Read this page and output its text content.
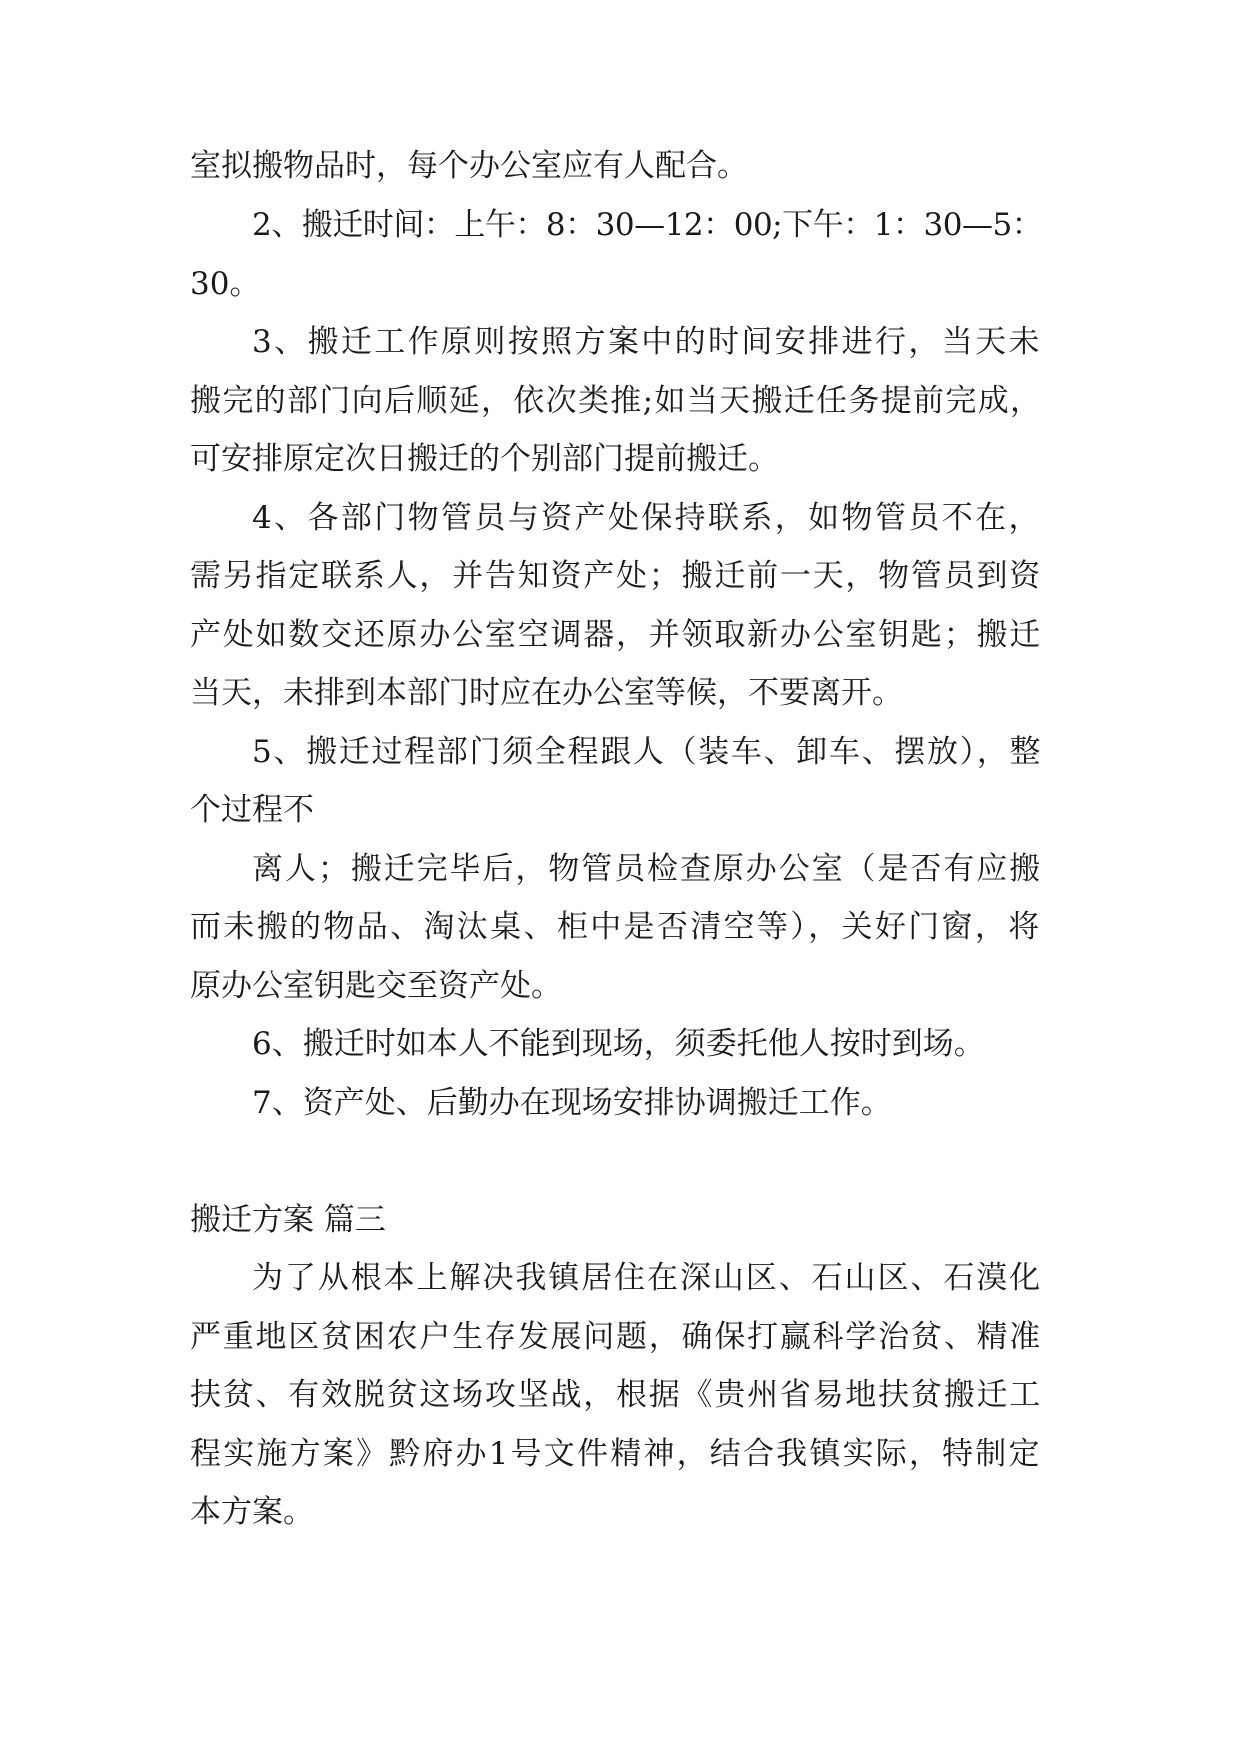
室拟搬物品时，每个办公室应有人配合。
2、搬迁时间：上午：8：30—12：00;下午：1：30—5：
30。
3、搬迁工作原则按照方案中的时间安排进行，当天未
搬完的部门向后顺延，依次类推;如当天搬迁任务提前完成，
可安排原定次日搬迁的个别部门提前搬迁。
4、各部门物管员与资产处保持联系，如物管员不在，
需另指定联系人，并告知资产处；搬迁前一天，物管员到资
产处如数交还原办公室空调器，并领取新办公室钥匙；搬迁
当天，未排到本部门时应在办公室等候，不要离开。
5、搬迁过程部门须全程跟人（装车、卸车、摆放），整
个过程不
离人；搬迁完毕后，物管员检查原办公室（是否有应搬
而未搬的物品、淘汰桌、柜中是否清空等），关好门窗，将
原办公室钥匙交至资产处。
6、搬迁时如本人不能到现场，须委托他人按时到场。
7、资产处、后勤办在现场安排协调搬迁工作。
搬迁方案 篇三
为了从根本上解决我镇居住在深山区、石山区、石漠化
严重地区贫困农户生存发展问题，确保打赢科学治贫、精准
扶贫、有效脱贫这场攻坚战，根据《贵州省易地扶贫搬迁工
程实施方案》黔府办1号文件精神，结合我镇实际，特制定
本方案。
